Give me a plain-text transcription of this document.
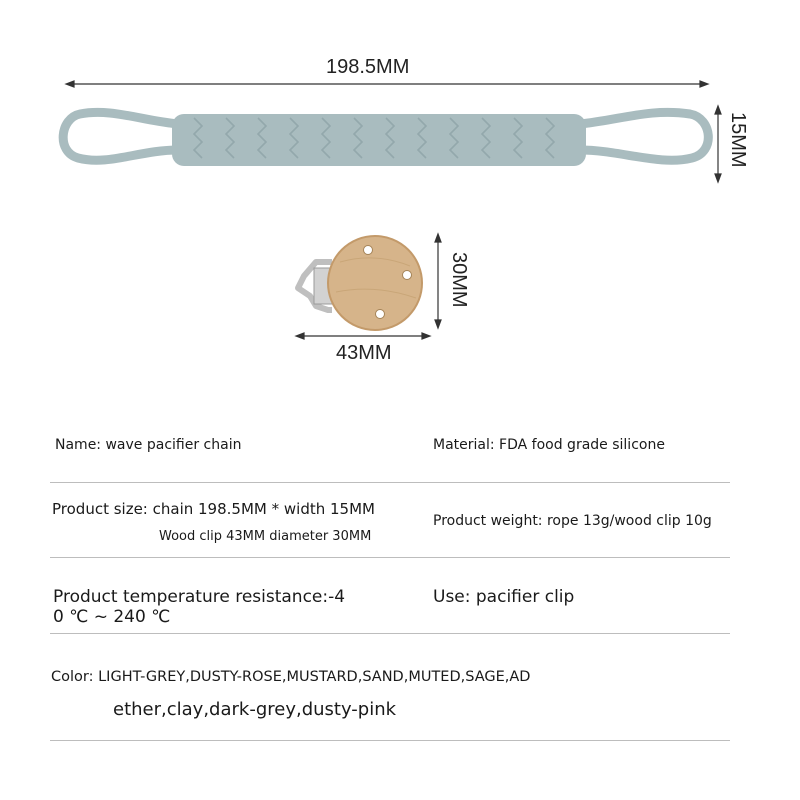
198.5MM
15MM
30MM
43MM
Name: wave pacifier chain	Material: FDA food grade silicone
Product size: chain 198.5MM * width 15MM
Wood clip 43MM diameter 30MM
Product weight: rope 13g/wood clip 10g
Product temperature resistance:-4
0 ℃ ~ 240 ℃
Use: pacifier clip
Color: LIGHT-GREY,DUSTY-ROSE,MUSTARD,SAND,MUTED,SAGE,AD
ether,clay,dark-grey,dusty-pink
